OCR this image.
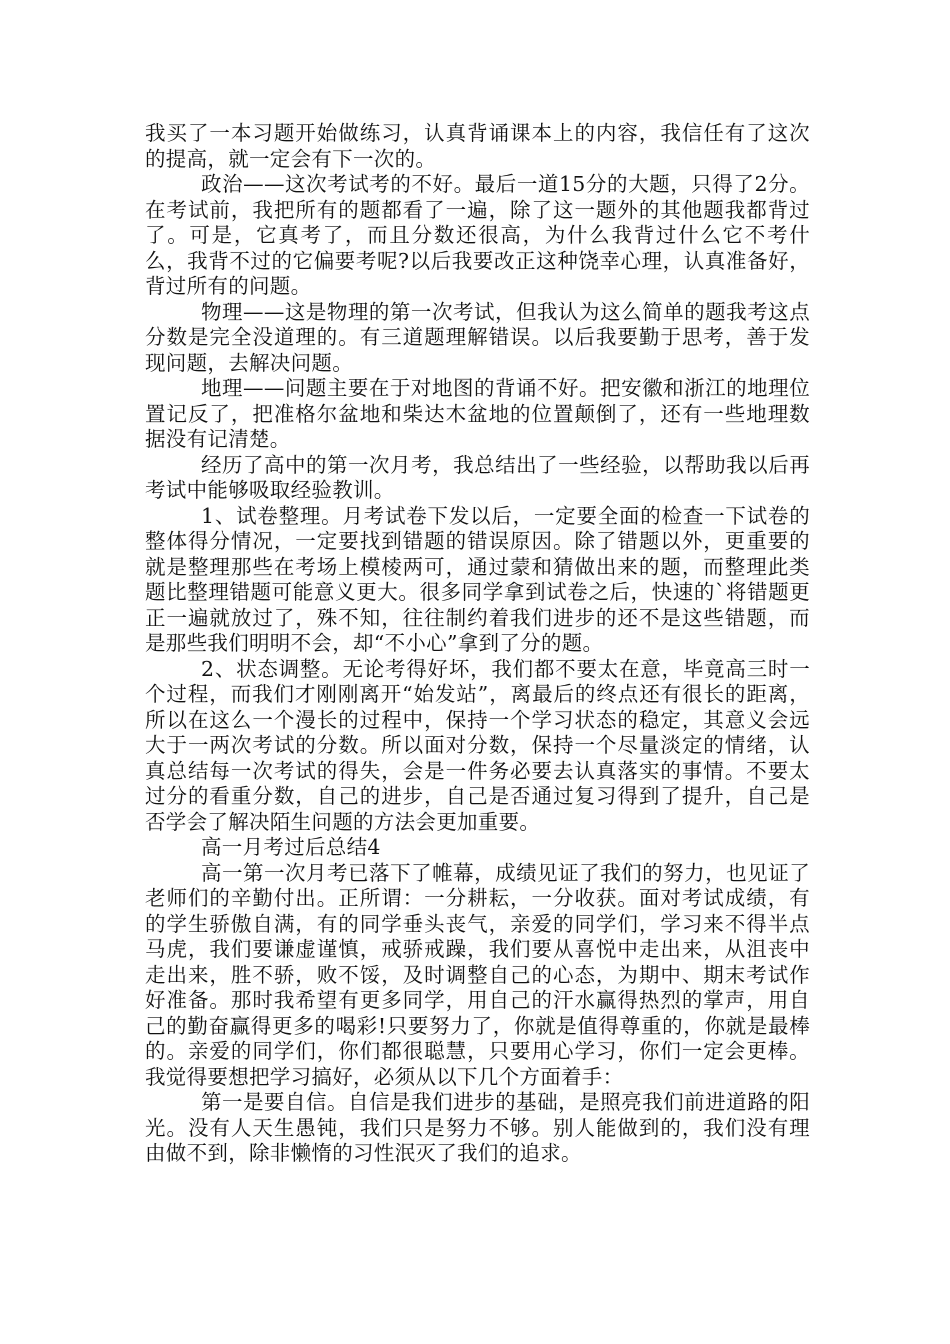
我买了一本习题开始做练习，认真背诵课本上的内容，我信任有了这次的提高，就一定会有下一次的。

政治——这次考试考的不好。最后一道15分的大题，只得了2分。在考试前，我把所有的题都看了一遍，除了这一题外的其他题我都背过了。可是，它真考了，而且分数还很高，为什么我背过什么它不考什么，我背不过的它偏要考呢?以后我要改正这种饶幸心理，认真准备好，背过所有的问题。

物理——这是物理的第一次考试，但我认为这么简单的题我考这点分数是完全没道理的。有三道题理解错误。以后我要勤于思考，善于发现问题，去解决问题。

地理——问题主要在于对地图的背诵不好。把安徽和浙江的地理位置记反了，把准格尔盆地和柴达木盆地的位置颠倒了，还有一些地理数据没有记清楚。

经历了高中的第一次月考，我总结出了一些经验，以帮助我以后再考试中能够吸取经验教训。

1、试卷整理。月考试卷下发以后，一定要全面的检查一下试卷的整体得分情况，一定要找到错题的错误原因。除了错题以外，更重要的就是整理那些在考场上模棱两可，通过蒙和猜做出来的题，而整理此类题比整理错题可能意义更大。很多同学拿到试卷之后，快速的`将错题更正一遍就放过了，殊不知，往往制约着我们进步的还不是这些错题，而是那些我们明明不会，却“不小心”拿到了分的题。

2、状态调整。无论考得好坏，我们都不要太在意，毕竟高三时一个过程，而我们才刚刚离开“始发站”，离最后的终点还有很长的距离，所以在这么一个漫长的过程中，保持一个学习状态的稳定，其意义会远大于一两次考试的分数。所以面对分数，保持一个尽量淡定的情绪，认真总结每一次考试的得失，会是一件务必要去认真落实的事情。不要太过分的看重分数，自己的进步，自己是否通过复习得到了提升，自己是否学会了解决陌生问题的方法会更加重要。

高一月考过后总结4

高一第一次月考已落下了帷幕，成绩见证了我们的努力，也见证了老师们的辛勤付出。正所谓：一分耕耘，一分收获。面对考试成绩，有的学生骄傲自满，有的同学垂头丧气，亲爱的同学们，学习来不得半点马虎，我们要谦虚谨慎，戒骄戒躁，我们要从喜悦中走出来，从沮丧中走出来，胜不骄，败不馁，及时调整自己的心态，为期中、期末考试作好准备。那时我希望有更多同学，用自己的汗水赢得热烈的掌声，用自己的勤奋赢得更多的喝彩!只要努力了，你就是值得尊重的，你就是最棒的。亲爱的同学们，你们都很聪慧，只要用心学习，你们一定会更棒。我觉得要想把学习搞好，必须从以下几个方面着手：

第一是要自信。自信是我们进步的基础，是照亮我们前进道路的阳光。没有人天生愚钝，我们只是努力不够。别人能做到的，我们没有理由做不到，除非懒惰的习性泯灭了我们的追求。
